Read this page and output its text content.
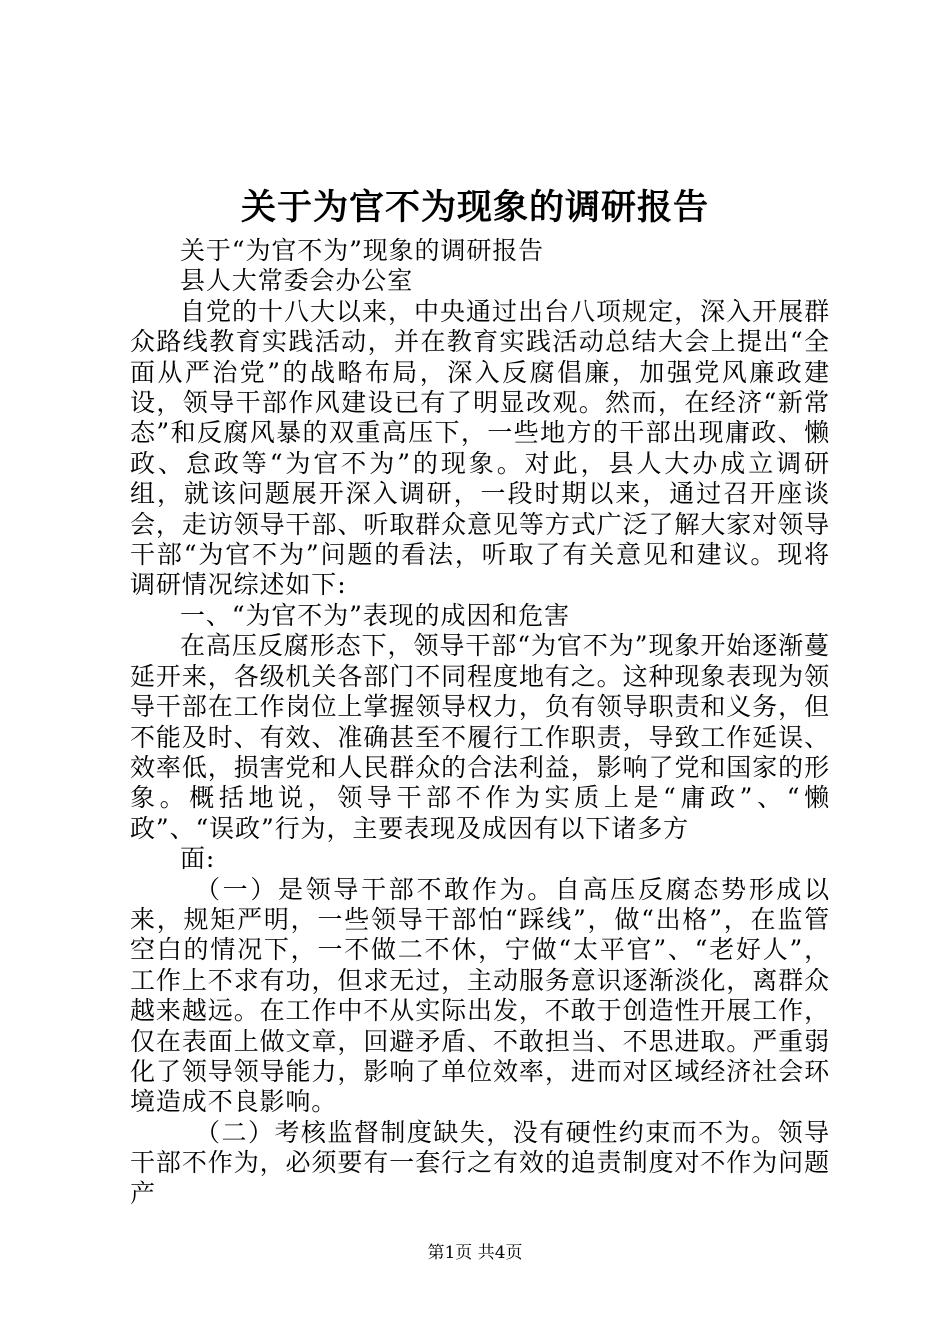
关于为官不为现象的调研报告

关于“为官不为”现象的调研报告

县人大常委会办公室

自党的十八大以来，中央通过出台八项规定，深入开展群众路线教育实践活动，并在教育实践活动总结大会上提出“全面从严治党”的战略布局，深入反腐倡廉，加强党风廉政建设，领导干部作风建设已有了明显改观。然而，在经济“新常态”和反腐风暴的双重高压下，一些地方的干部出现庸政、懒政、怠政等“为官不为”的现象。对此，县人大办成立调研组，就该问题展开深入调研，一段时期以来，通过召开座谈会，走访领导干部、听取群众意见等方式广泛了解大家对领导干部“为官不为”问题的看法，听取了有关意见和建议。现将调研情况综述如下:

一、“为官不为”表现的成因和危害

在高压反腐形态下，领导干部“为官不为”现象开始逐渐蔓延开来，各级机关各部门不同程度地有之。这种现象表现为领导干部在工作岗位上掌握领导权力，负有领导职责和义务，但不能及时、有效、准确甚至不履行工作职责，导致工作延误、效率低，损害党和人民群众的合法利益，影响了党和国家的形象。概括地说，领导干部不作为实质上是“庸政”、“懒政”、“误政”行为，主要表现及成因有以下诸多方

面:

（一）是领导干部不敢作为。自高压反腐态势形成以来，规矩严明，一些领导干部怕“踩线”，做“出格”，在监管空白的情况下，一不做二不休，宁做“太平官”、“老好人”，工作上不求有功，但求无过，主动服务意识逐渐淡化，离群众越来越远。在工作中不从实际出发，不敢于创造性开展工作，仅在表面上做文章，回避矛盾、不敢担当、不思进取。严重弱化了领导领导能力，影响了单位效率，进而对区域经济社会环境造成不良影响。

（二）考核监督制度缺失，没有硬性约束而不为。领导干部不作为，必须要有一套行之有效的追责制度对不作为问题产

第1页 共4页
